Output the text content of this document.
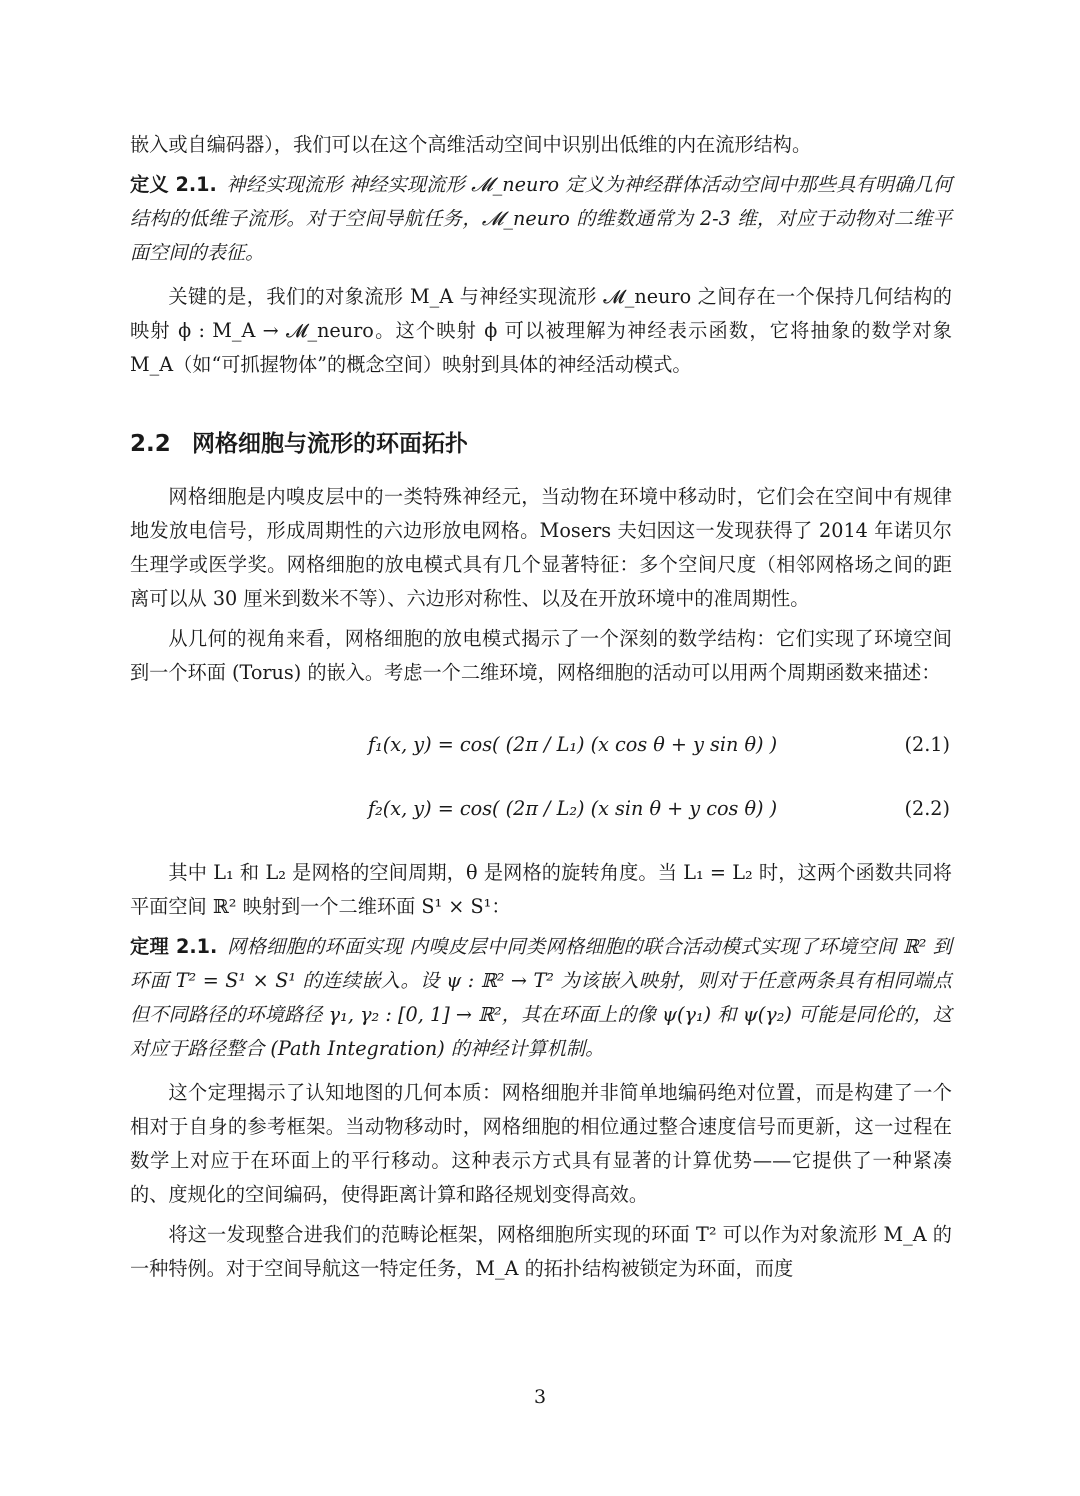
嵌入或自编码器），我们可以在这个高维活动空间中识别出低维的内在流形结构。

定义 2.1. 神经实现流形 神经实现流形 𝓜_neuro 定义为神经群体活动空间中那些具有明确几何结构的低维子流形。对于空间导航任务，𝓜_neuro 的维数通常为 2-3 维，对应于动物对二维平面空间的表征。

关键的是，我们的对象流形 M_A 与神经实现流形 𝓜_neuro 之间存在一个保持几何结构的映射 ϕ : M_A → 𝓜_neuro。这个映射 ϕ 可以被理解为神经表示函数，它将抽象的数学对象 M_A（如“可抓握物体”的概念空间）映射到具体的神经活动模式。

2.2 网格细胞与流形的环面拓扑

网格细胞是内嗅皮层中的一类特殊神经元，当动物在环境中移动时，它们会在空间中有规律地发放电信号，形成周期性的六边形放电网格。Mosers 夫妇因这一发现获得了 2014 年诺贝尔生理学或医学奖。网格细胞的放电模式具有几个显著特征：多个空间尺度（相邻网格场之间的距离可以从 30 厘米到数米不等）、六边形对称性、以及在开放环境中的准周期性。

从几何的视角来看，网格细胞的放电模式揭示了一个深刻的数学结构：它们实现了环境空间到一个环面 (Torus) 的嵌入。考虑一个二维环境，网格细胞的活动可以用两个周期函数来描述：

f₁(x, y) = cos( (2π / L₁) (x cos θ + y sin θ) )	(2.1)
f₂(x, y) = cos( (2π / L₂) (x sin θ + y cos θ) )	(2.2)

其中 L₁ 和 L₂ 是网格的空间周期，θ 是网格的旋转角度。当 L₁ = L₂ 时，这两个函数共同将平面空间 ℝ² 映射到一个二维环面 S¹ × S¹：

定理 2.1. 网格细胞的环面实现 内嗅皮层中同类网格细胞的联合活动模式实现了环境空间 ℝ² 到环面 T² = S¹ × S¹ 的连续嵌入。设 ψ : ℝ² → T² 为该嵌入映射，则对于任意两条具有相同端点但不同路径的环境路径 γ₁, γ₂ : [0, 1] → ℝ²，其在环面上的像 ψ(γ₁) 和 ψ(γ₂) 可能是同伦的，这对应于路径整合 (Path Integration) 的神经计算机制。

这个定理揭示了认知地图的几何本质：网格细胞并非简单地编码绝对位置，而是构建了一个相对于自身的参考框架。当动物移动时，网格细胞的相位通过整合速度信号而更新，这一过程在数学上对应于在环面上的平行移动。这种表示方式具有显著的计算优势——它提供了一种紧凑的、度规化的空间编码，使得距离计算和路径规划变得高效。

将这一发现整合进我们的范畴论框架，网格细胞所实现的环面 T² 可以作为对象流形 M_A 的一种特例。对于空间导航这一特定任务，M_A 的拓扑结构被锁定为环面，而度

3
